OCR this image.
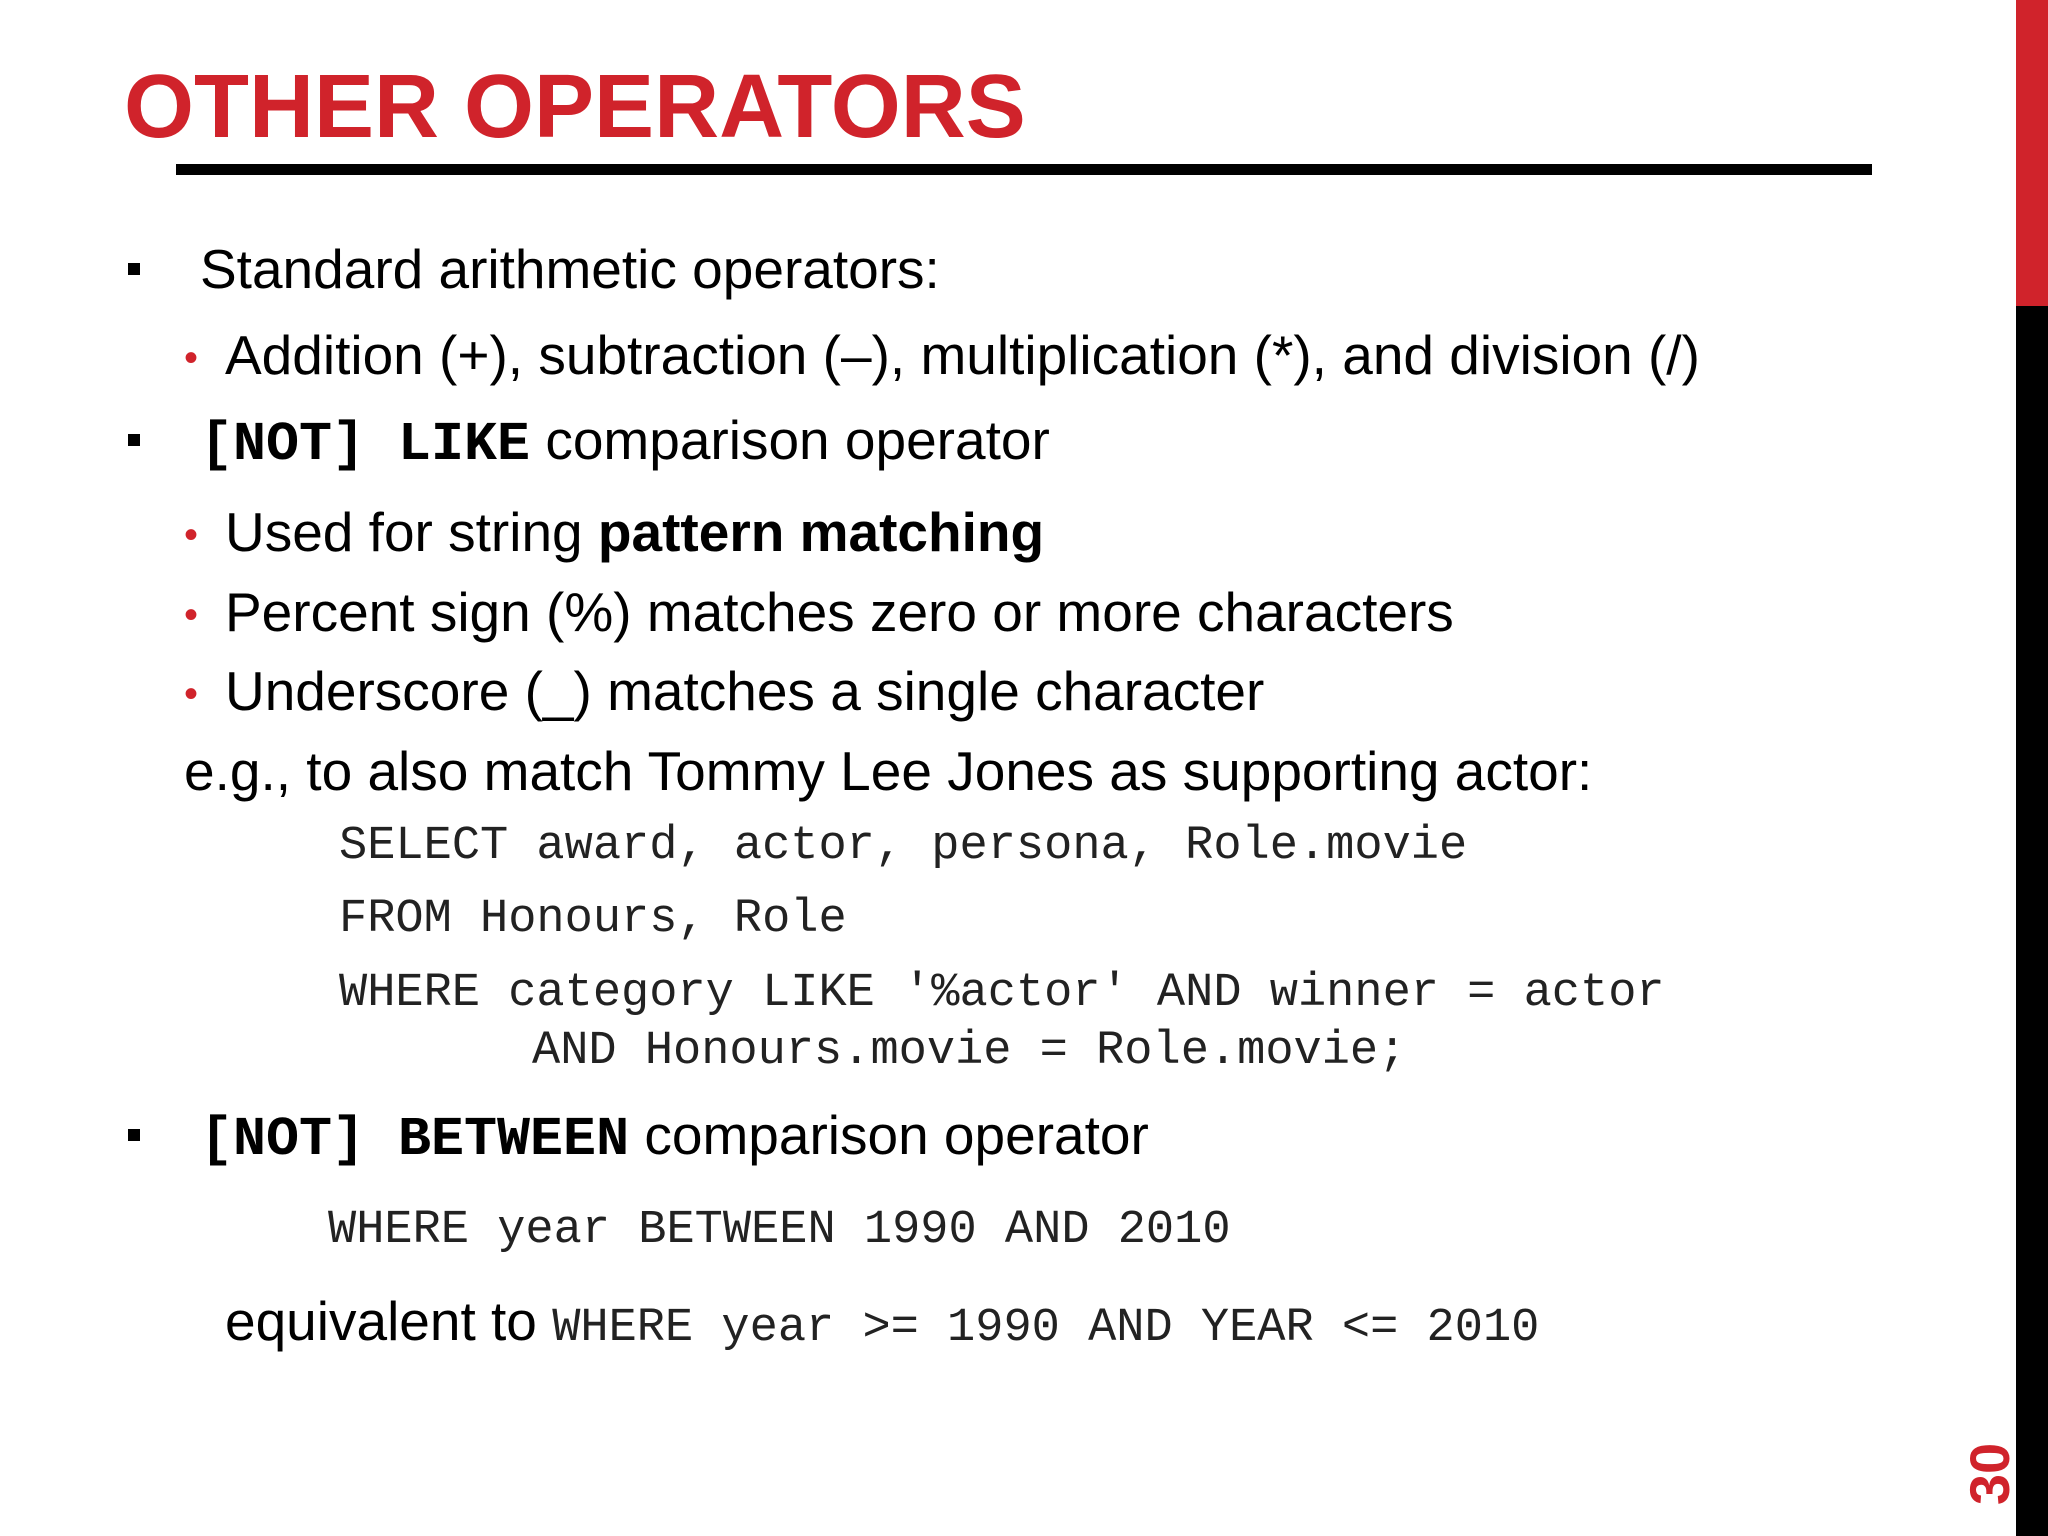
OTHER OPERATORS
30
Standard arithmetic operators:
• Addition (+), subtraction (–), multiplication (*), and division (/)
[NOT] LIKE comparison operator
• Used for string pattern matching
• Percent sign (%) matches zero or more characters
• Underscore (_) matches a single character
e.g., to also match Tommy Lee Jones as supporting actor:
SELECT award, actor, persona, Role.movie
FROM Honours, Role
WHERE category LIKE '%actor' AND winner = actor
AND Honours.movie = Role.movie;
[NOT] BETWEEN comparison operator
WHERE year BETWEEN 1990 AND 2010
equivalent to WHERE year >= 1990 AND YEAR <= 2010
